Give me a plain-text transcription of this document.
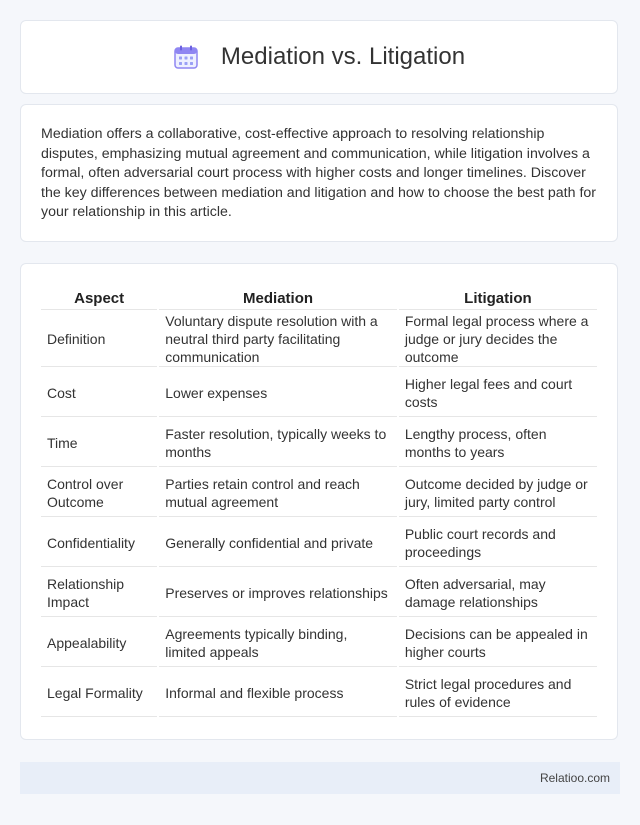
Mediation vs. Litigation

Mediation offers a collaborative, cost-effective approach to resolving relationship disputes, emphasizing mutual agreement and communication, while litigation involves a formal, often adversarial court process with higher costs and longer timelines. Discover the key differences between mediation and litigation and how to choose the best path for your relationship in this article.

Aspect	Mediation	Litigation
Definition	Voluntary dispute resolution with a neutral third party facilitating communication	Formal legal process where a judge or jury decides the outcome
Cost	Lower expenses	Higher legal fees and court costs
Time	Faster resolution, typically weeks to months	Lengthy process, often months to years
Control over Outcome	Parties retain control and reach mutual agreement	Outcome decided by judge or jury, limited party control
Confidentiality	Generally confidential and private	Public court records and proceedings
Relationship Impact	Preserves or improves relationships	Often adversarial, may damage relationships
Appealability	Agreements typically binding, limited appeals	Decisions can be appealed in higher courts
Legal Formality	Informal and flexible process	Strict legal procedures and rules of evidence
Relatioo.com
